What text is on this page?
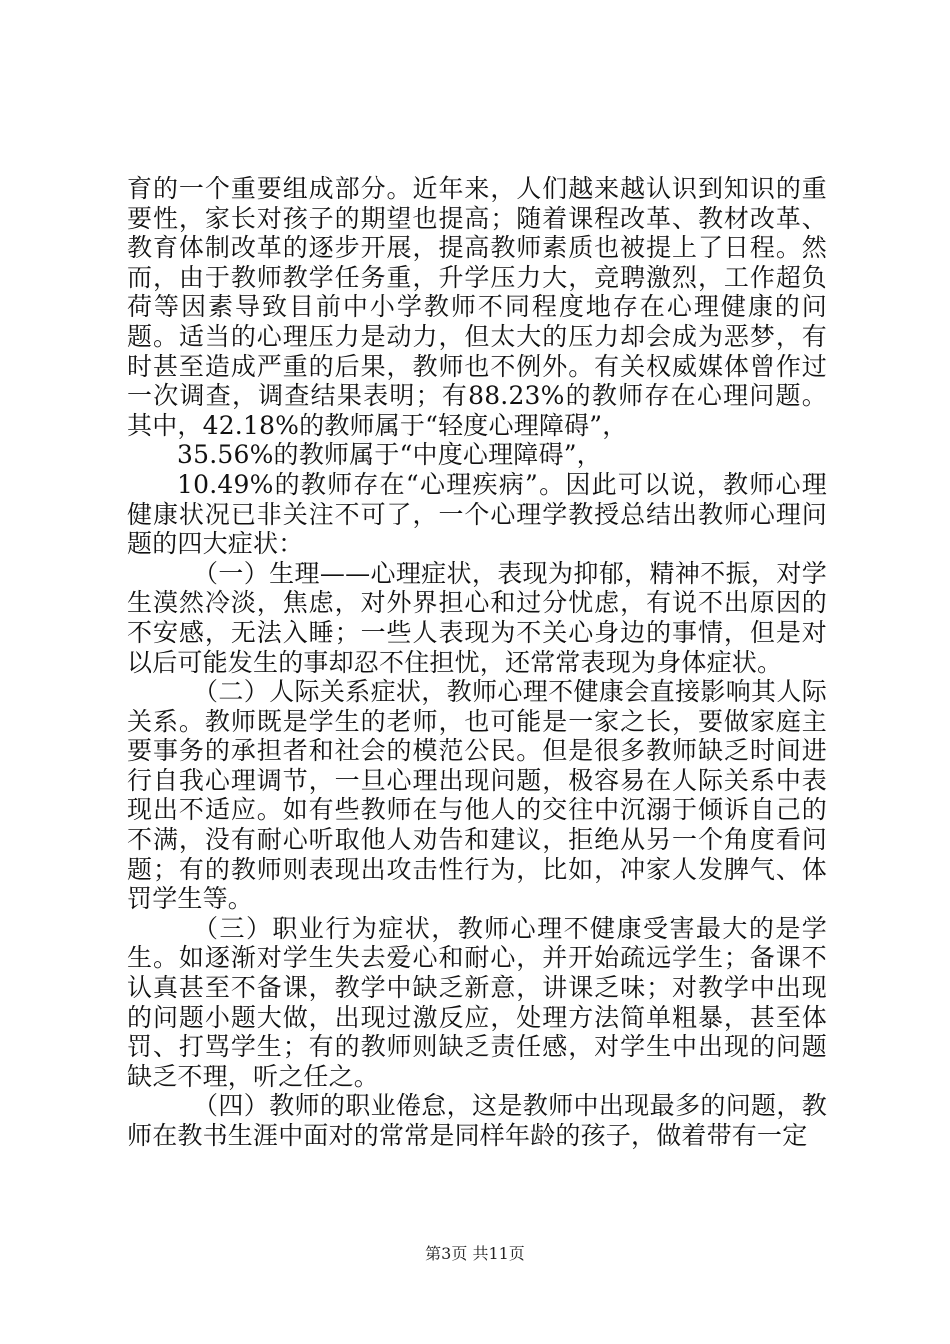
育的一个重要组成部分。近年来，人们越来越认识到知识的重要性，家长对孩子的期望也提高；随着课程改革、教材改革、教育体制改革的逐步开展，提高教师素质也被提上了日程。然而，由于教师教学任务重，升学压力大，竞聘激烈，工作超负荷等因素导致目前中小学教师不同程度地存在心理健康的问题。适当的心理压力是动力，但太大的压力却会成为恶梦，有时甚至造成严重的后果，教师也不例外。有关权威媒体曾作过一次调查，调查结果表明；有88.23%的教师存在心理问题。其中，42.18%的教师属于“轻度心理障碍”，

35.56%的教师属于“中度心理障碍”，

10.49%的教师存在“心理疾病”。因此可以说，教师心理健康状况已非关注不可了，一个心理学教授总结出教师心理问题的四大症状：

（一）生理——心理症状，表现为抑郁，精神不振，对学生漠然冷淡，焦虑，对外界担心和过分忧虑，有说不出原因的不安感，无法入睡；一些人表现为不关心身边的事情，但是对以后可能发生的事却忍不住担忧，还常常表现为身体症状。

（二）人际关系症状，教师心理不健康会直接影响其人际关系。教师既是学生的老师，也可能是一家之长，要做家庭主要事务的承担者和社会的模范公民。但是很多教师缺乏时间进行自我心理调节，一旦心理出现问题，极容易在人际关系中表现出不适应。如有些教师在与他人的交往中沉溺于倾诉自己的不满，没有耐心听取他人劝告和建议，拒绝从另一个角度看问题；有的教师则表现出攻击性行为，比如，冲家人发脾气、体罚学生等。

（三）职业行为症状，教师心理不健康受害最大的是学生。如逐渐对学生失去爱心和耐心，并开始疏远学生；备课不认真甚至不备课，教学中缺乏新意，讲课乏味；对教学中出现的问题小题大做，出现过激反应，处理方法简单粗暴，甚至体罚、打骂学生；有的教师则缺乏责任感，对学生中出现的问题缺乏不理，听之任之。

（四）教师的职业倦怠，这是教师中出现最多的问题，教师在教书生涯中面对的常常是同样年龄的孩子，做着带有一定

第3页 共11页
